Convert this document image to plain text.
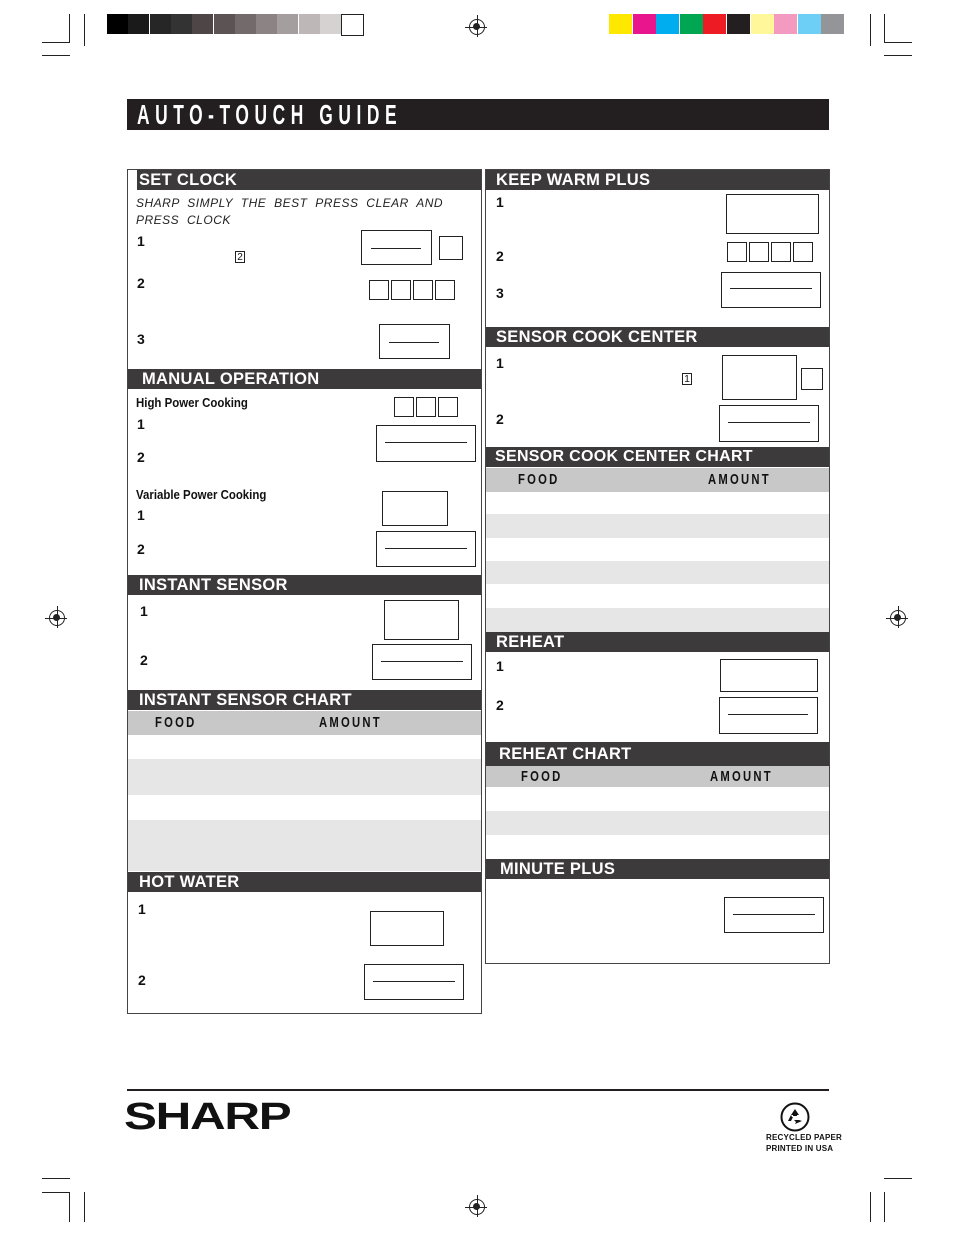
AUTO-TOUCH GUIDE
SET CLOCK
SHARP SIMPLY THE BEST PRESS CLEAR AND PRESS CLOCK
1
2
2
3
MANUAL OPERATION
High Power Cooking
1
2
Variable Power Cooking
1
2
INSTANT SENSOR
1
2
INSTANT SENSOR CHART
FOOD	AMOUNT
HOT WATER
1
2
KEEP WARM PLUS
1
2
3
SENSOR COOK CENTER
1
1
2
SENSOR COOK CENTER CHART
FOOD	AMOUNT
REHEAT
1
2
REHEAT CHART
FOOD	AMOUNT
MINUTE PLUS
SHARP	RECYCLED PAPER
PRINTED IN USA
